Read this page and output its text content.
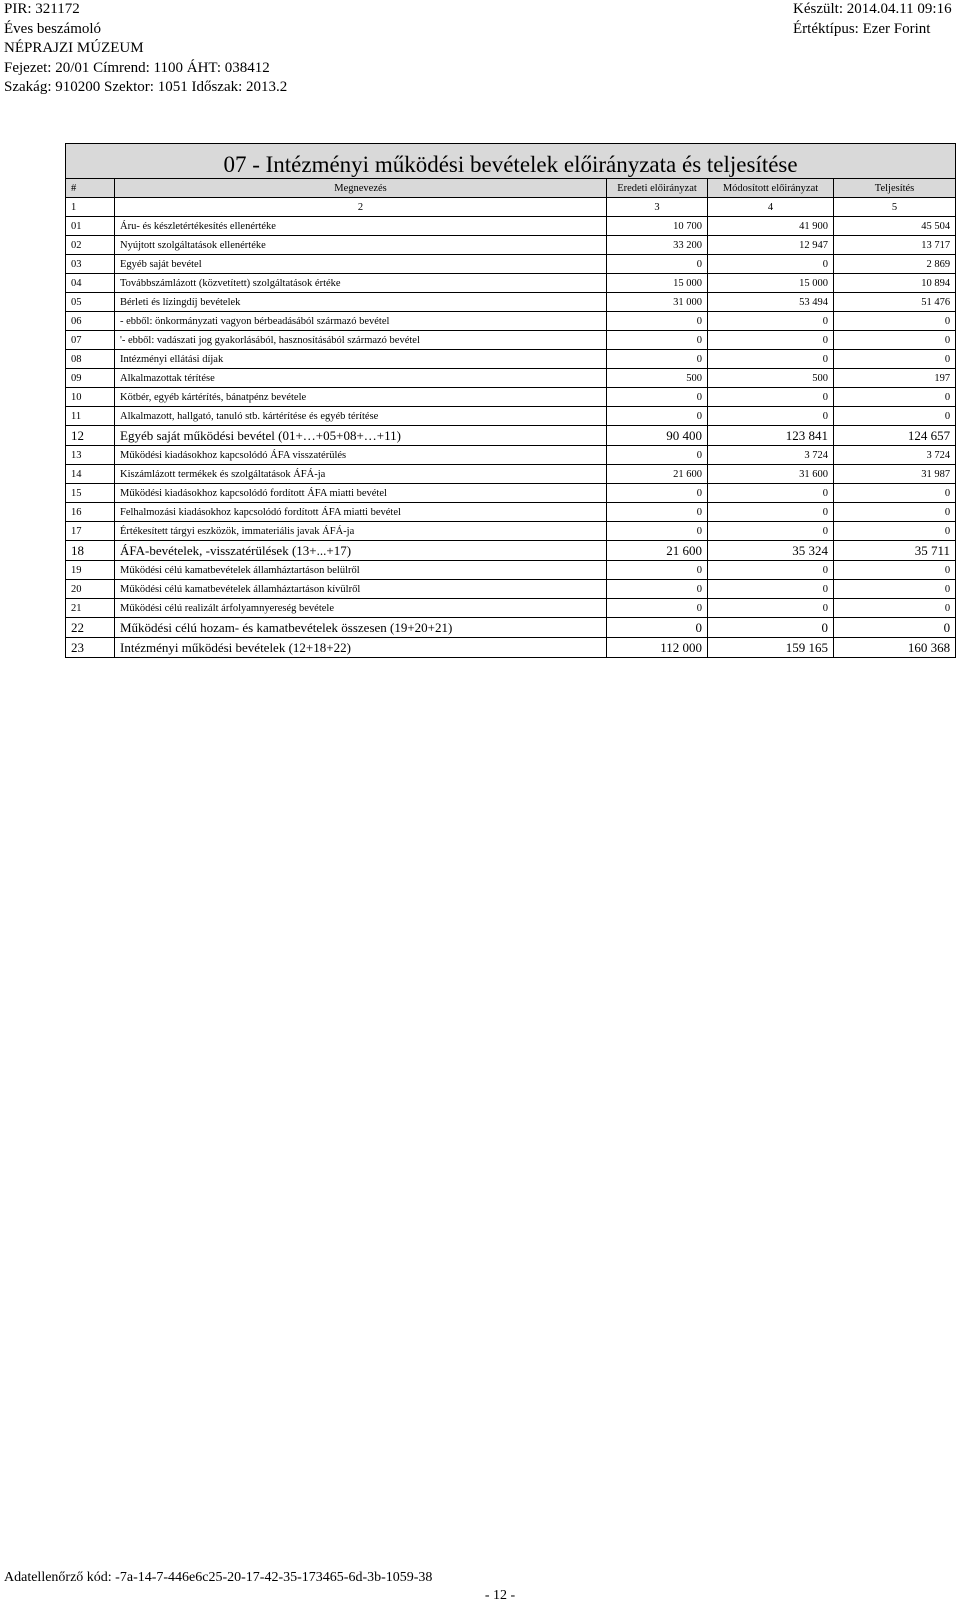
PIR: 321172
Éves beszámoló
NÉPRAJZI MÚZEUM
Fejezet: 20/01 Címrend: 1100 ÁHT: 038412
Szakág: 910200 Szektor: 1051 Időszak: 2013.2
Készült: 2014.04.11 09:16
Értéktípus: Ezer Forint
07 - Intézményi működési bevételek előirányzata és teljesítése				
#	Megnevezés	Eredeti előirányzat	Módosított előirányzat	Teljesítés
1	2	3	4	5
01	Áru- és készletértékesítés ellenértéke	10 700	41 900	45 504
02	Nyújtott szolgáltatások ellenértéke	33 200	12 947	13 717
03	Egyéb saját bevétel	0	0	2 869
04	Továbbszámlázott (közvetített) szolgáltatások értéke	15 000	15 000	10 894
05	Bérleti és lízingdíj bevételek	31 000	53 494	51 476
06	- ebből: önkormányzati vagyon bérbeadásából származó bevétel	0	0	0
07	'- ebből: vadászati jog gyakorlásából, hasznosításából származó bevétel	0	0	0
08	Intézményi ellátási díjak	0	0	0
09	Alkalmazottak térítése	500	500	197
10	Kötbér, egyéb kártérítés, bánatpénz bevétele	0	0	0
11	Alkalmazott, hallgató, tanuló stb. kártérítése és egyéb térítése	0	0	0
12	Egyéb saját működési bevétel (01+…+05+08+…+11)	90 400	123 841	124 657
13	Működési kiadásokhoz kapcsolódó ÁFA visszatérülés	0	3 724	3 724
14	Kiszámlázott termékek és szolgáltatások ÁFÁ-ja	21 600	31 600	31 987
15	Működési kiadásokhoz kapcsolódó fordított ÁFA miatti bevétel	0	0	0
16	Felhalmozási kiadásokhoz kapcsolódó fordított ÁFA miatti bevétel	0	0	0
17	Értékesített tárgyi eszközök, immateriális javak ÁFÁ-ja	0	0	0
18	ÁFA-bevételek, -visszatérülések (13+...+17)	21 600	35 324	35 711
19	Működési célú kamatbevételek államháztartáson belülről	0	0	0
20	Működési célú kamatbevételek államháztartáson kívülről	0	0	0
21	Működési célú realizált árfolyamnyereség bevétele	0	0	0
22	Működési célú hozam- és kamatbevételek összesen (19+20+21)	0	0	0
23	Intézményi működési bevételek (12+18+22)	112 000	159 165	160 368
Adatellenőrző kód: -7a-14-7-446e6c25-20-17-42-35-173465-6d-3b-1059-38
- 12 -
